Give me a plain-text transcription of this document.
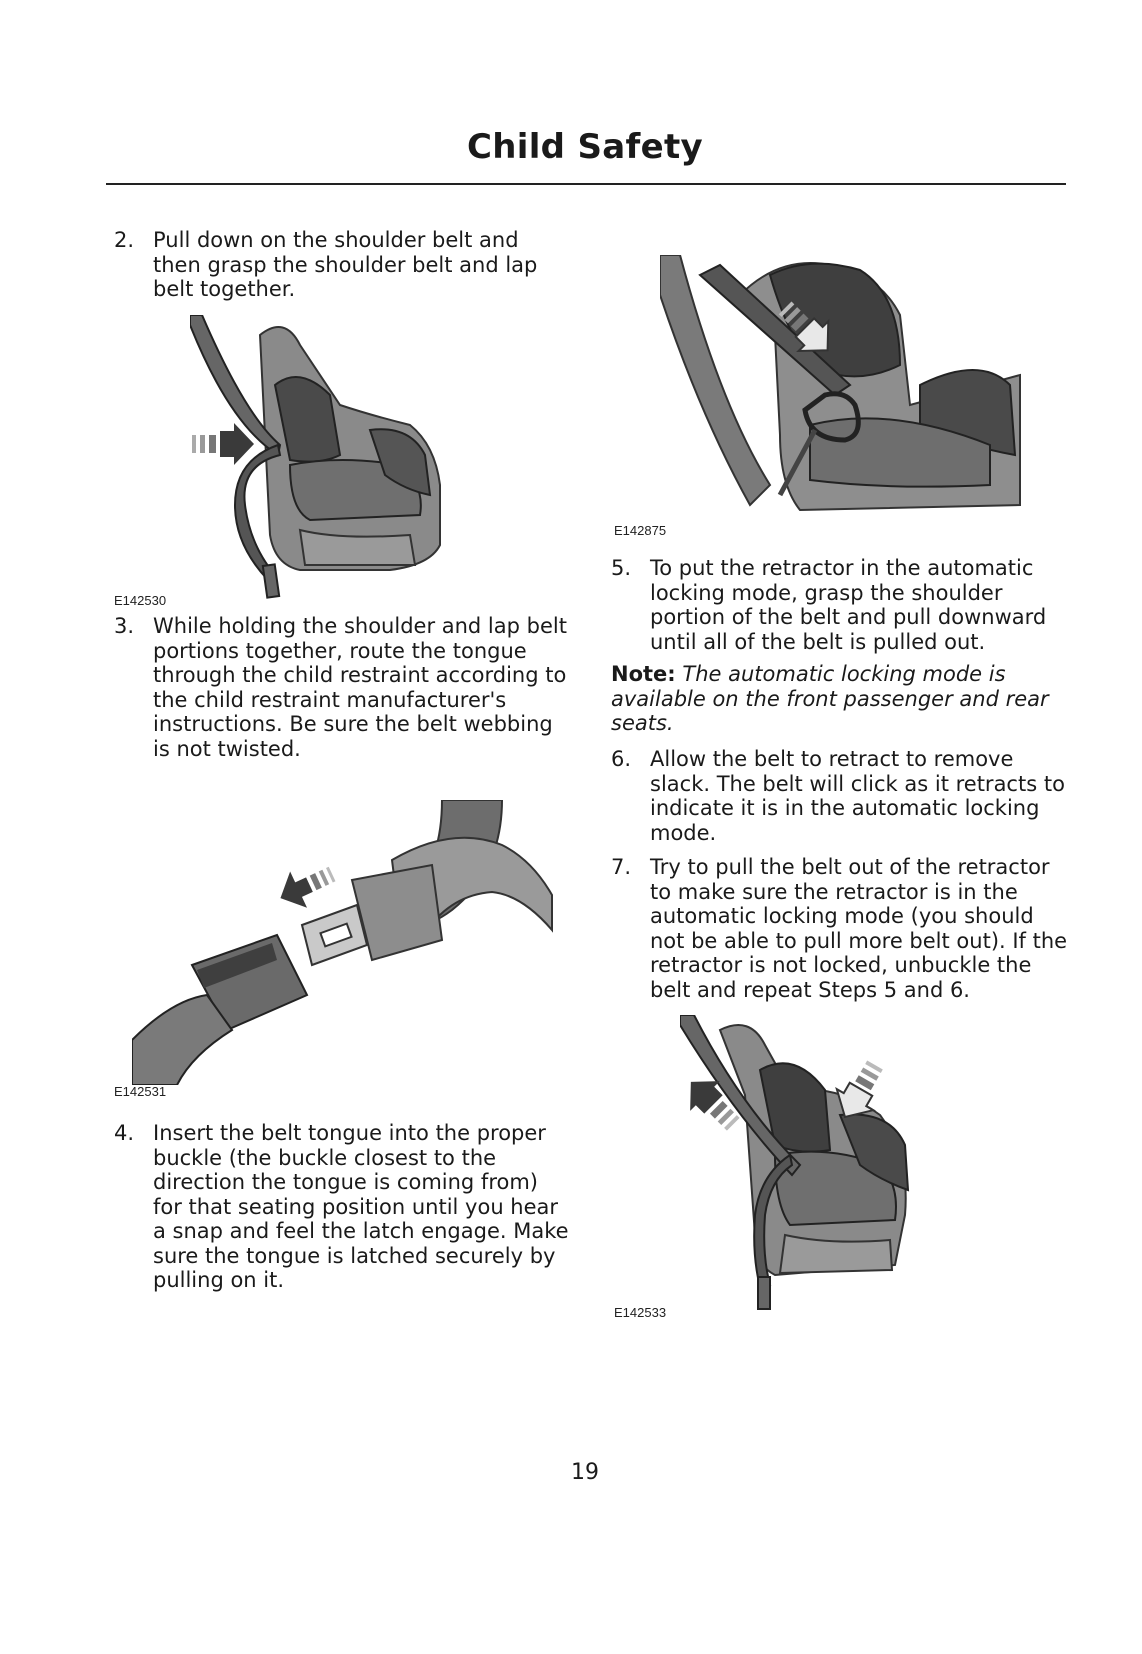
Child Safety
2. Pull down on the shoulder belt and then grasp the shoulder belt and lap belt together.
E142530
3. While holding the shoulder and lap belt portions together, route the tongue through the child restraint according to the child restraint manufacturer's instructions. Be sure the belt webbing is not twisted.
E142531
4. Insert the belt tongue into the proper buckle (the buckle closest to the direction the tongue is coming from) for that seating position until you hear a snap and feel the latch engage. Make sure the tongue is latched securely by pulling on it.
E142875
5. To put the retractor in the automatic locking mode, grasp the shoulder portion of the belt and pull downward until all of the belt is pulled out.
Note: The automatic locking mode is available on the front passenger and rear seats.
6. Allow the belt to retract to remove slack. The belt will click as it retracts to indicate it is in the automatic locking mode.
7. Try to pull the belt out of the retractor to make sure the retractor is in the automatic locking mode (you should not be able to pull more belt out). If the retractor is not locked, unbuckle the belt and repeat Steps 5 and 6.
E142533
19
